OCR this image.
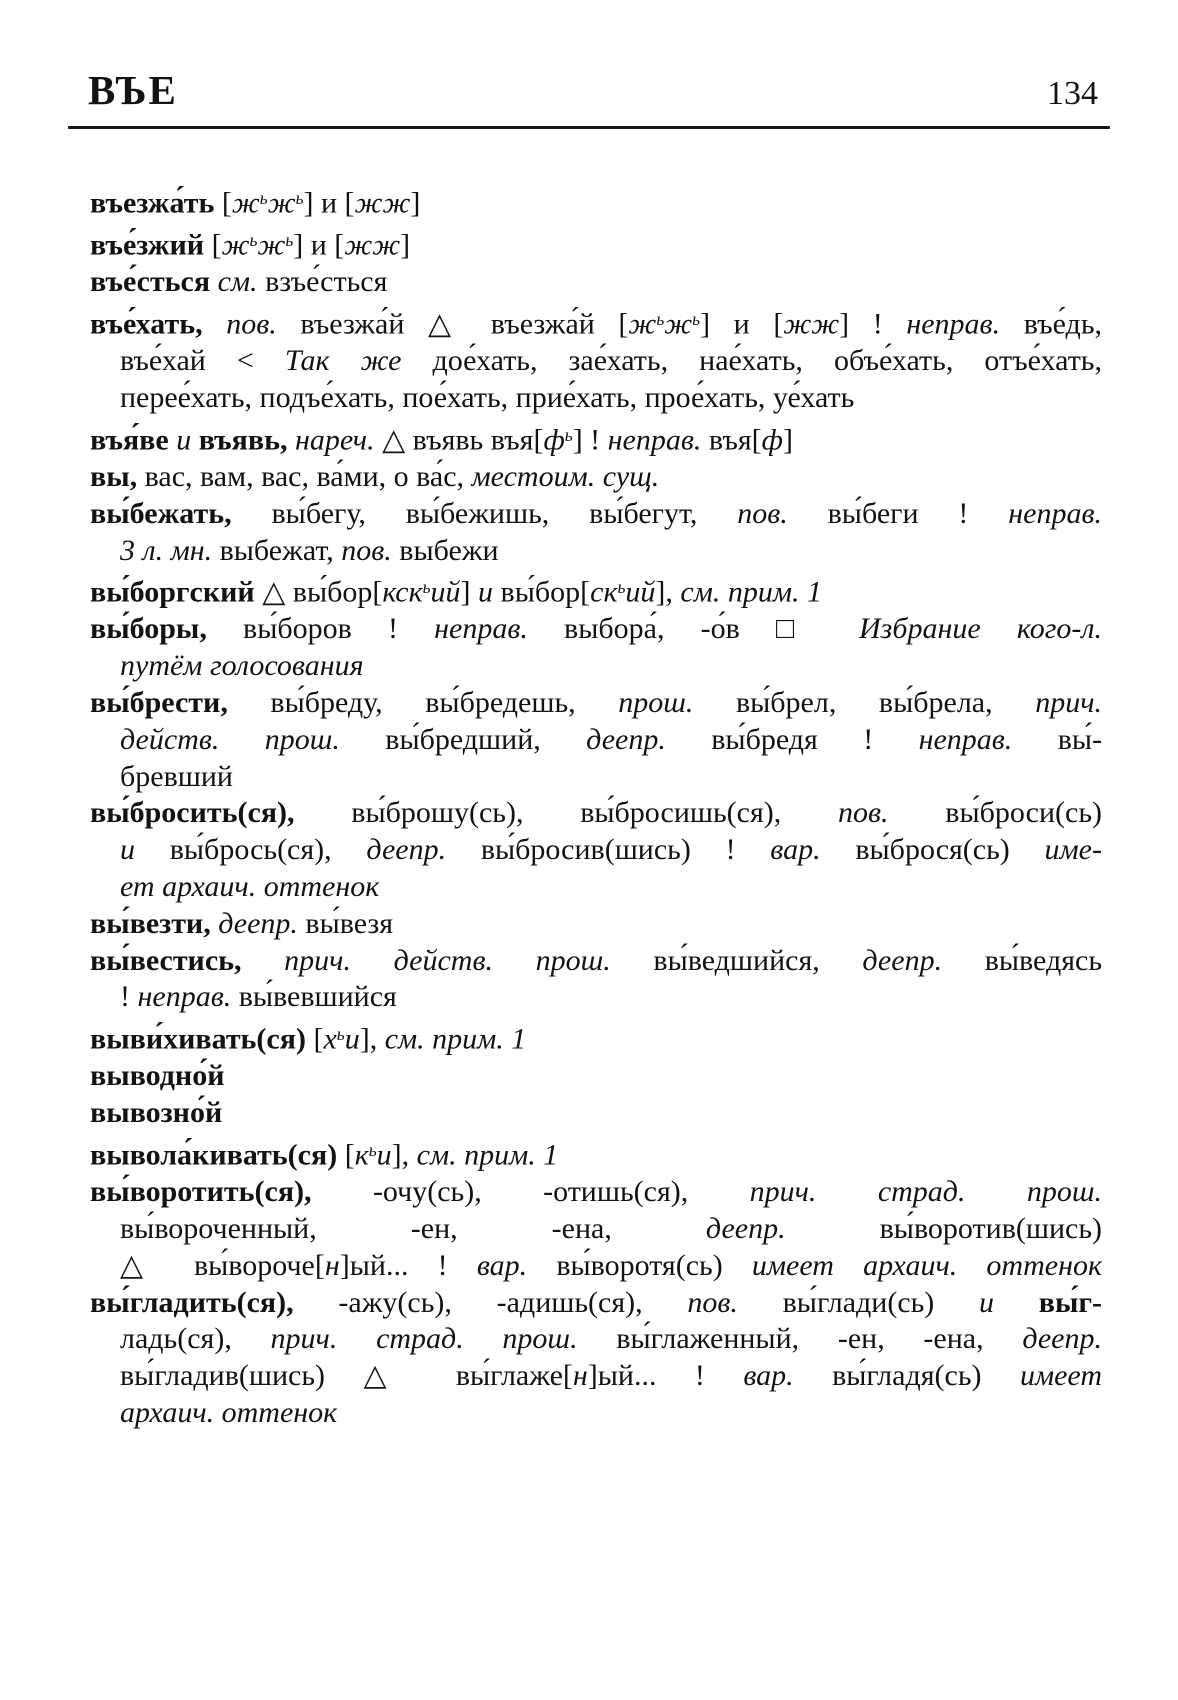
ВЪЕ	134
въезжа́ть $[ж^ьж^ь]$ и [жж]
въе́зжий $[ж^ьж^ь]$ и [жж]
въе́сться см. взъе́сться
въе́хать, пов. въезжа́й △ въезжа́й $[ж^ьж^ь]$ и [жж] ! неправ. въе́дь,
въе́хай < Так же дое́хать, зае́хать, нае́хать, объе́хать, отъе́хать,
перее́хать, подъе́хать, пое́хать, прие́хать, прое́хать, уе́хать
въя́ве и въявь, нареч. △ въявь $въя[ф^ь]$ ! неправ. въя[ф]
вы, вас, вам, вас, ва́ми, о ва́с, местоим. сущ.
вы́бежать, вы́бегу, вы́бежишь, вы́бегут, пов. вы́беги ! неправ.
3 л. мн. выбежат, пов. выбежи
вы́боргский △ вы́бор[кск$^ь$ий] и $вы́бор[ск^ьий]$, см. прим. 1
вы́боры, вы́боров ! неправ. выбора́, -о́в □ Избрание кого-л.
путём голосования
вы́брести, вы́бреду, вы́бредешь, прош. вы́брел, вы́брела, прич.
действ. прош. вы́бредший, деепр. вы́бредя ! неправ. вы́-
бревший
вы́бросить(ся), вы́брошу(сь), вы́бросишь(ся), пов. вы́броси(сь)
и вы́брось(ся), деепр. вы́бросив(шись) ! вар. вы́брося(сь) име-
ет архаич. оттенок
вы́везти, деепр. вы́везя
вы́вестись, прич. действ. прош. вы́ведшийся, деепр. вы́ведясь
! неправ. вы́вевшийся
выви́хивать(ся) $[х^ьи]$, см. прим. 1
выводно́й
вывозно́й
вывола́кивать(ся) $[к^ьи]$, см. прим. 1
вы́воротить(ся), -очу(сь), -отишь(ся), прич. страд. прош.
вы́вороченный, -ен, -ена, деепр. вы́воротив(шись)
△ вы́вороче[н]ый... ! вар. вы́воротя(сь) имеет архаич. оттенок
вы́гладить(ся), -ажу(сь), -адишь(ся), пов. вы́глади(сь) и вы́г-
ладь(ся), прич. страд. прош. вы́глаженный, -ен, -ена, деепр.
вы́гладив(шись) △ вы́глаже[н]ый... ! вар. вы́гладя(сь) имеет
архаич. оттенок
